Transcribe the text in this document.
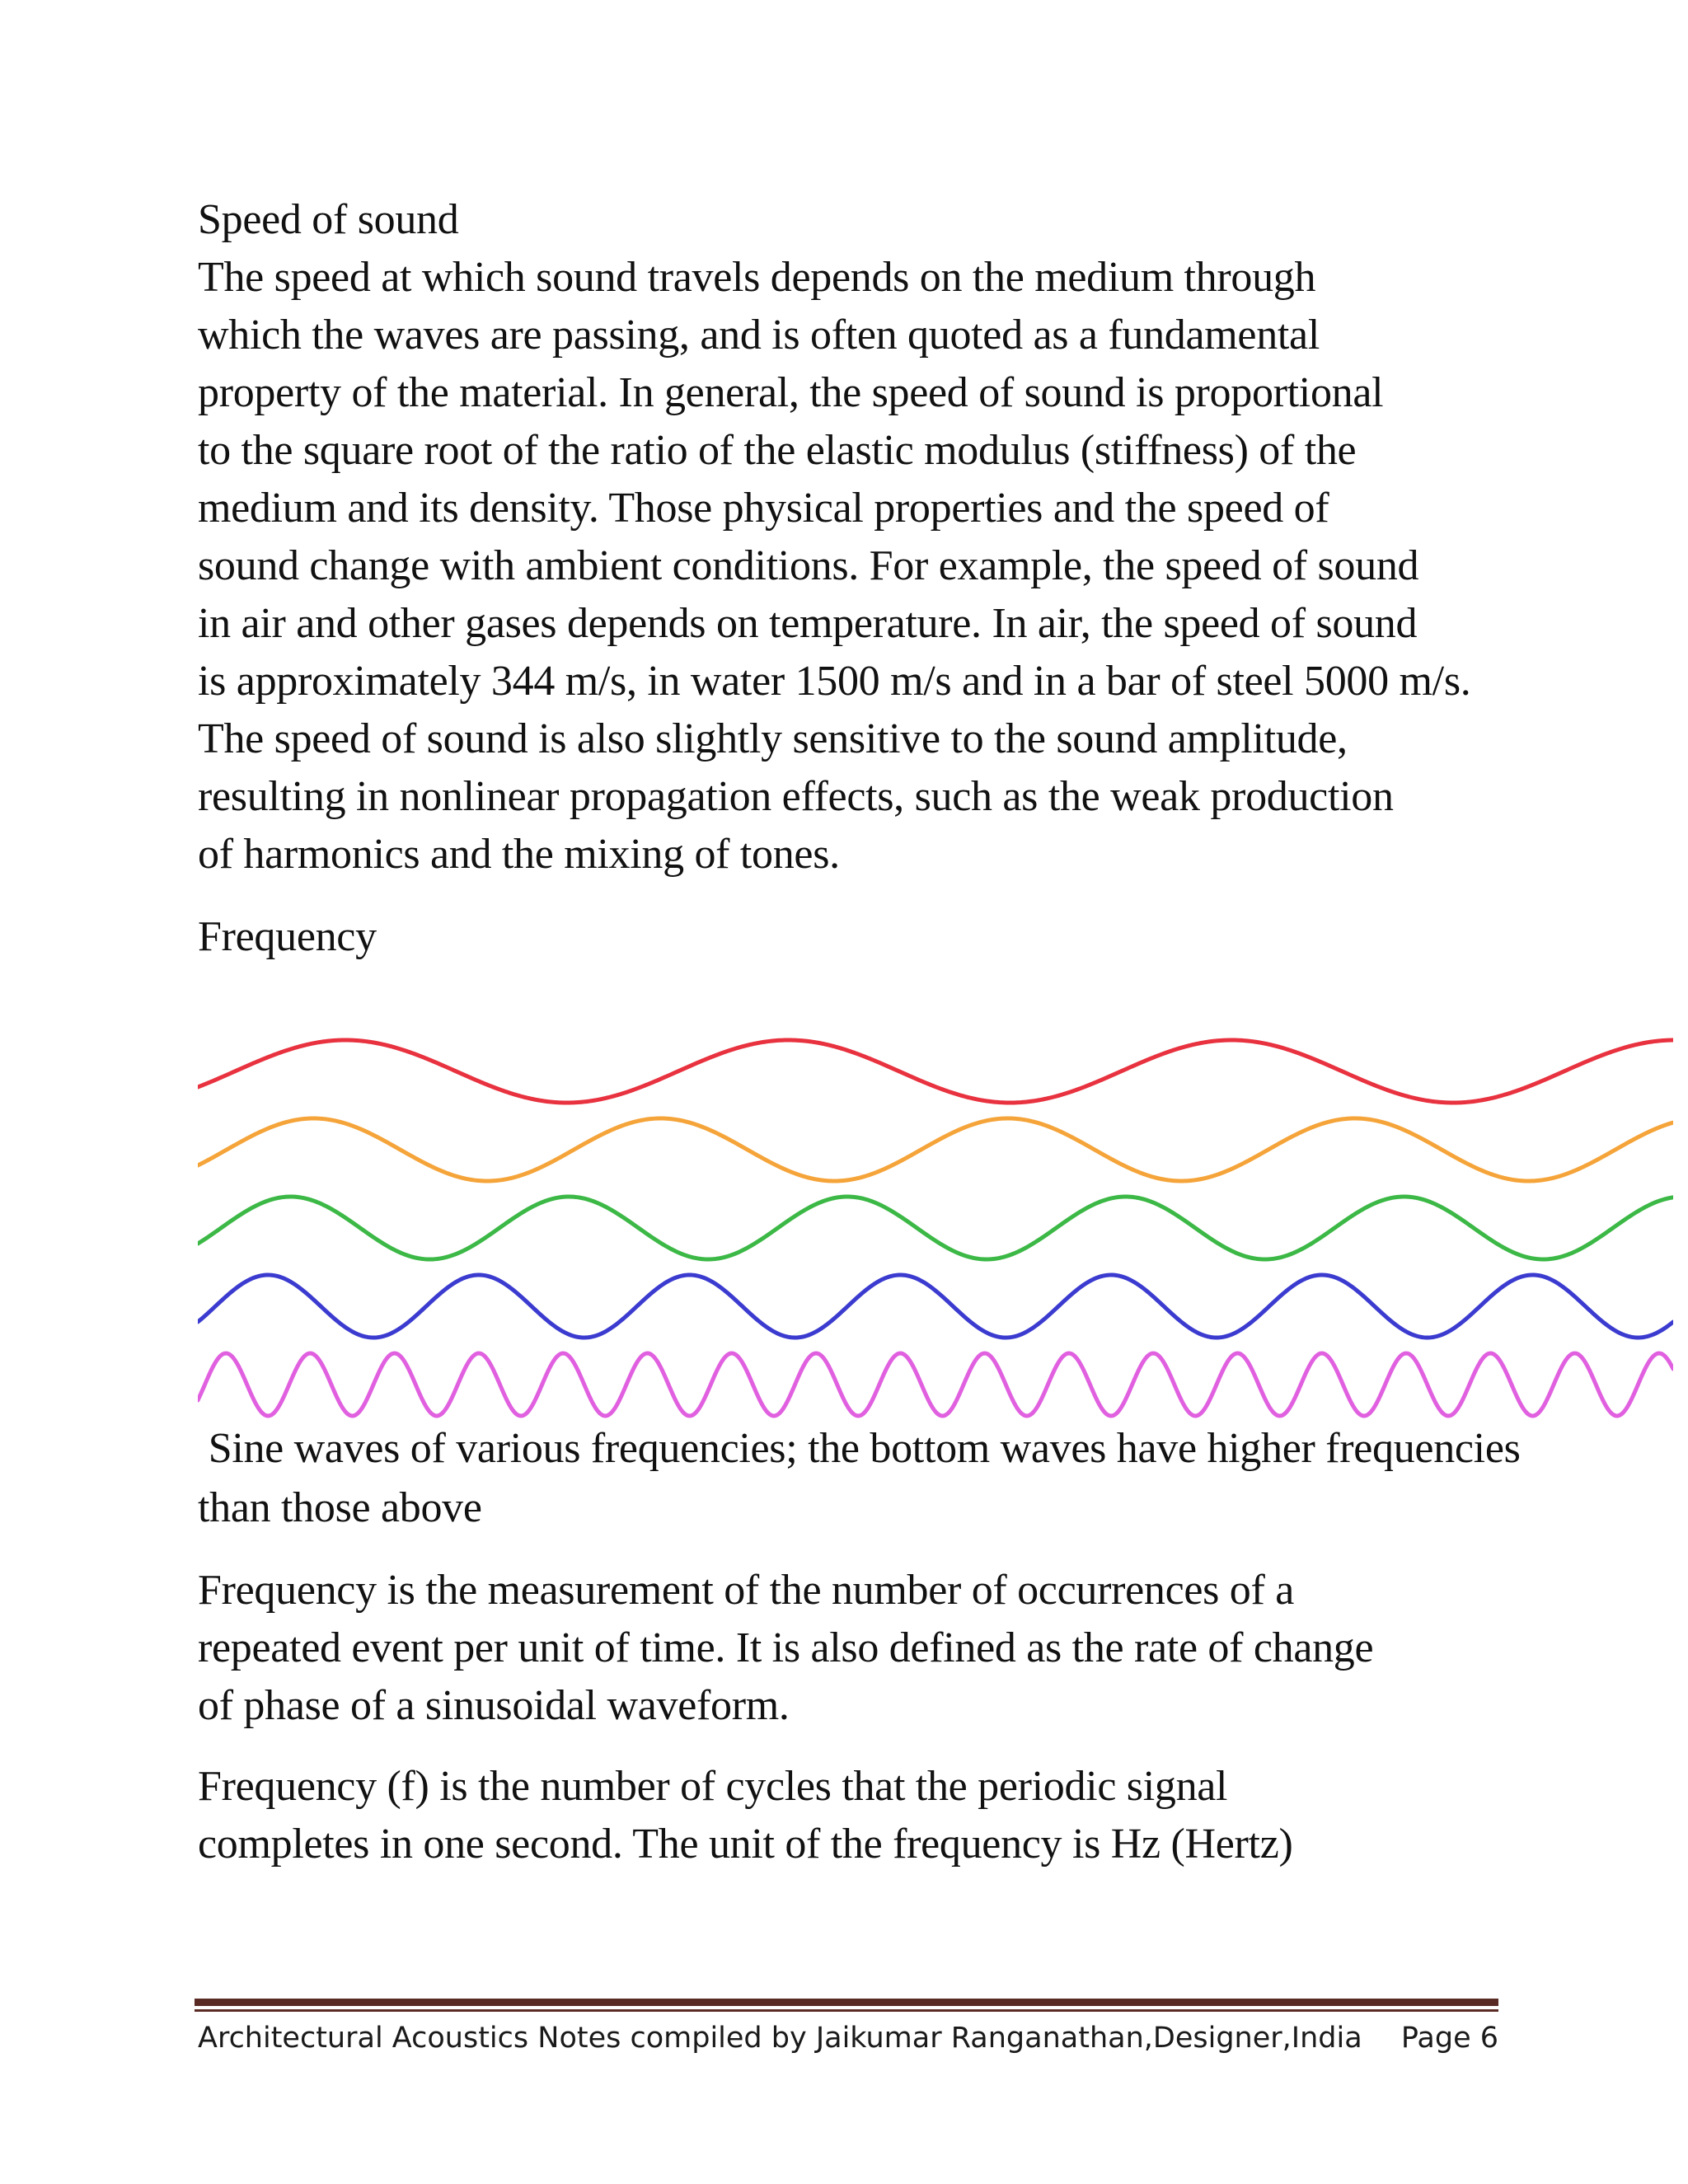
Speed of sound
The speed at which sound travels depends on the medium through
which the waves are passing, and is often quoted as a fundamental
property of the material. In general, the speed of sound is proportional
to the square root of the ratio of the elastic modulus (stiffness) of the
medium and its density. Those physical properties and the speed of
sound change with ambient conditions. For example, the speed of sound
in air and other gases depends on temperature. In air, the speed of sound
is approximately 344 m/s, in water 1500 m/s and in a bar of steel 5000 m/s.
The speed of sound is also slightly sensitive to the sound amplitude,
resulting in nonlinear propagation effects, such as the weak production
of harmonics and the mixing of tones.
Frequency
Sine waves of various frequencies; the bottom waves have higher frequencies
than those above
Frequency is the measurement of the number of occurrences of a
repeated event per unit of time. It is also defined as the rate of change
of phase of a sinusoidal waveform.
Frequency (f) is the number of cycles that the periodic signal
completes in one second. The unit of the frequency is Hz (Hertz)
Architectural Acoustics Notes compiled by Jaikumar Ranganathan,Designer,India Page 6
